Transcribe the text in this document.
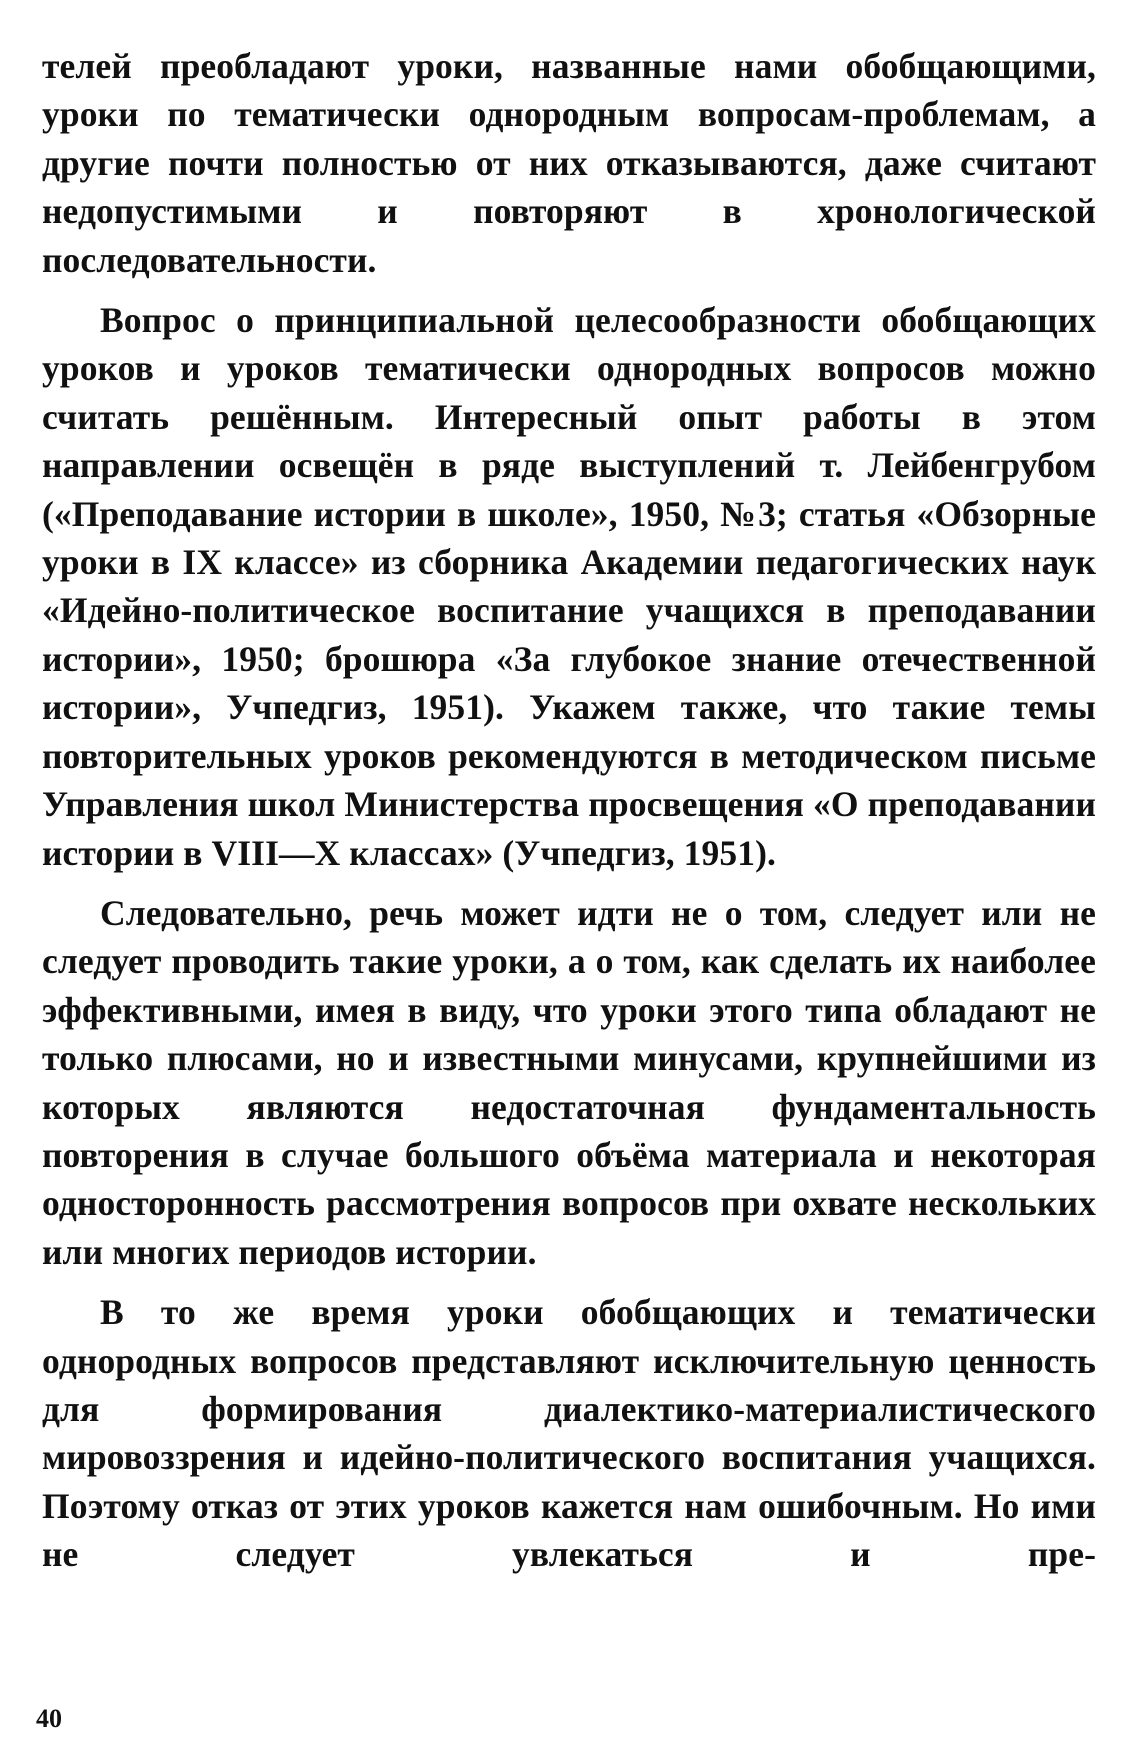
телей преобладают уроки, названные нами обобщающими, уроки по тематически однородным вопросам-проблемам, а другие почти полностью от них отказываются, даже считают недопустимыми и повторяют в хронологической последовательности.

Вопрос о принципиальной целесообразности обобщающих уроков и уроков тематически однородных вопросов можно считать решённым. Интересный опыт работы в этом направлении освещён в ряде выступлений т. Лейбенгрубом («Преподавание истории в школе», 1950, №3; статья «Обзорные уроки в IX классе» из сборника Академии педагогических наук «Идейно-политическое воспитание учащихся в преподавании истории», 1950; брошюра «За глубокое знание отечественной истории», Учпедгиз, 1951). Укажем также, что такие темы повторительных уроков рекомендуются в методическом письме Управления школ Министерства просвещения «О преподавании истории в VIII—X классах» (Учпедгиз, 1951).

Следовательно, речь может идти не о том, следует или не следует проводить такие уроки, а о том, как сделать их наиболее эффективными, имея в виду, что уроки этого типа обладают не только плюсами, но и известными минусами, крупнейшими из которых являются недостаточная фундаментальность повторения в случае большого объёма материала и некоторая односторонность рассмотрения вопросов при охвате нескольких или многих периодов истории.

В то же время уроки обобщающих и тематически однородных вопросов представляют исключительную ценность для формирования диалектико-материалистического мировоззрения и идейно-политического воспитания учащихся. Поэтому отказ от этих уроков кажется нам ошибочным. Но ими не следует увлекаться и пре-

40
